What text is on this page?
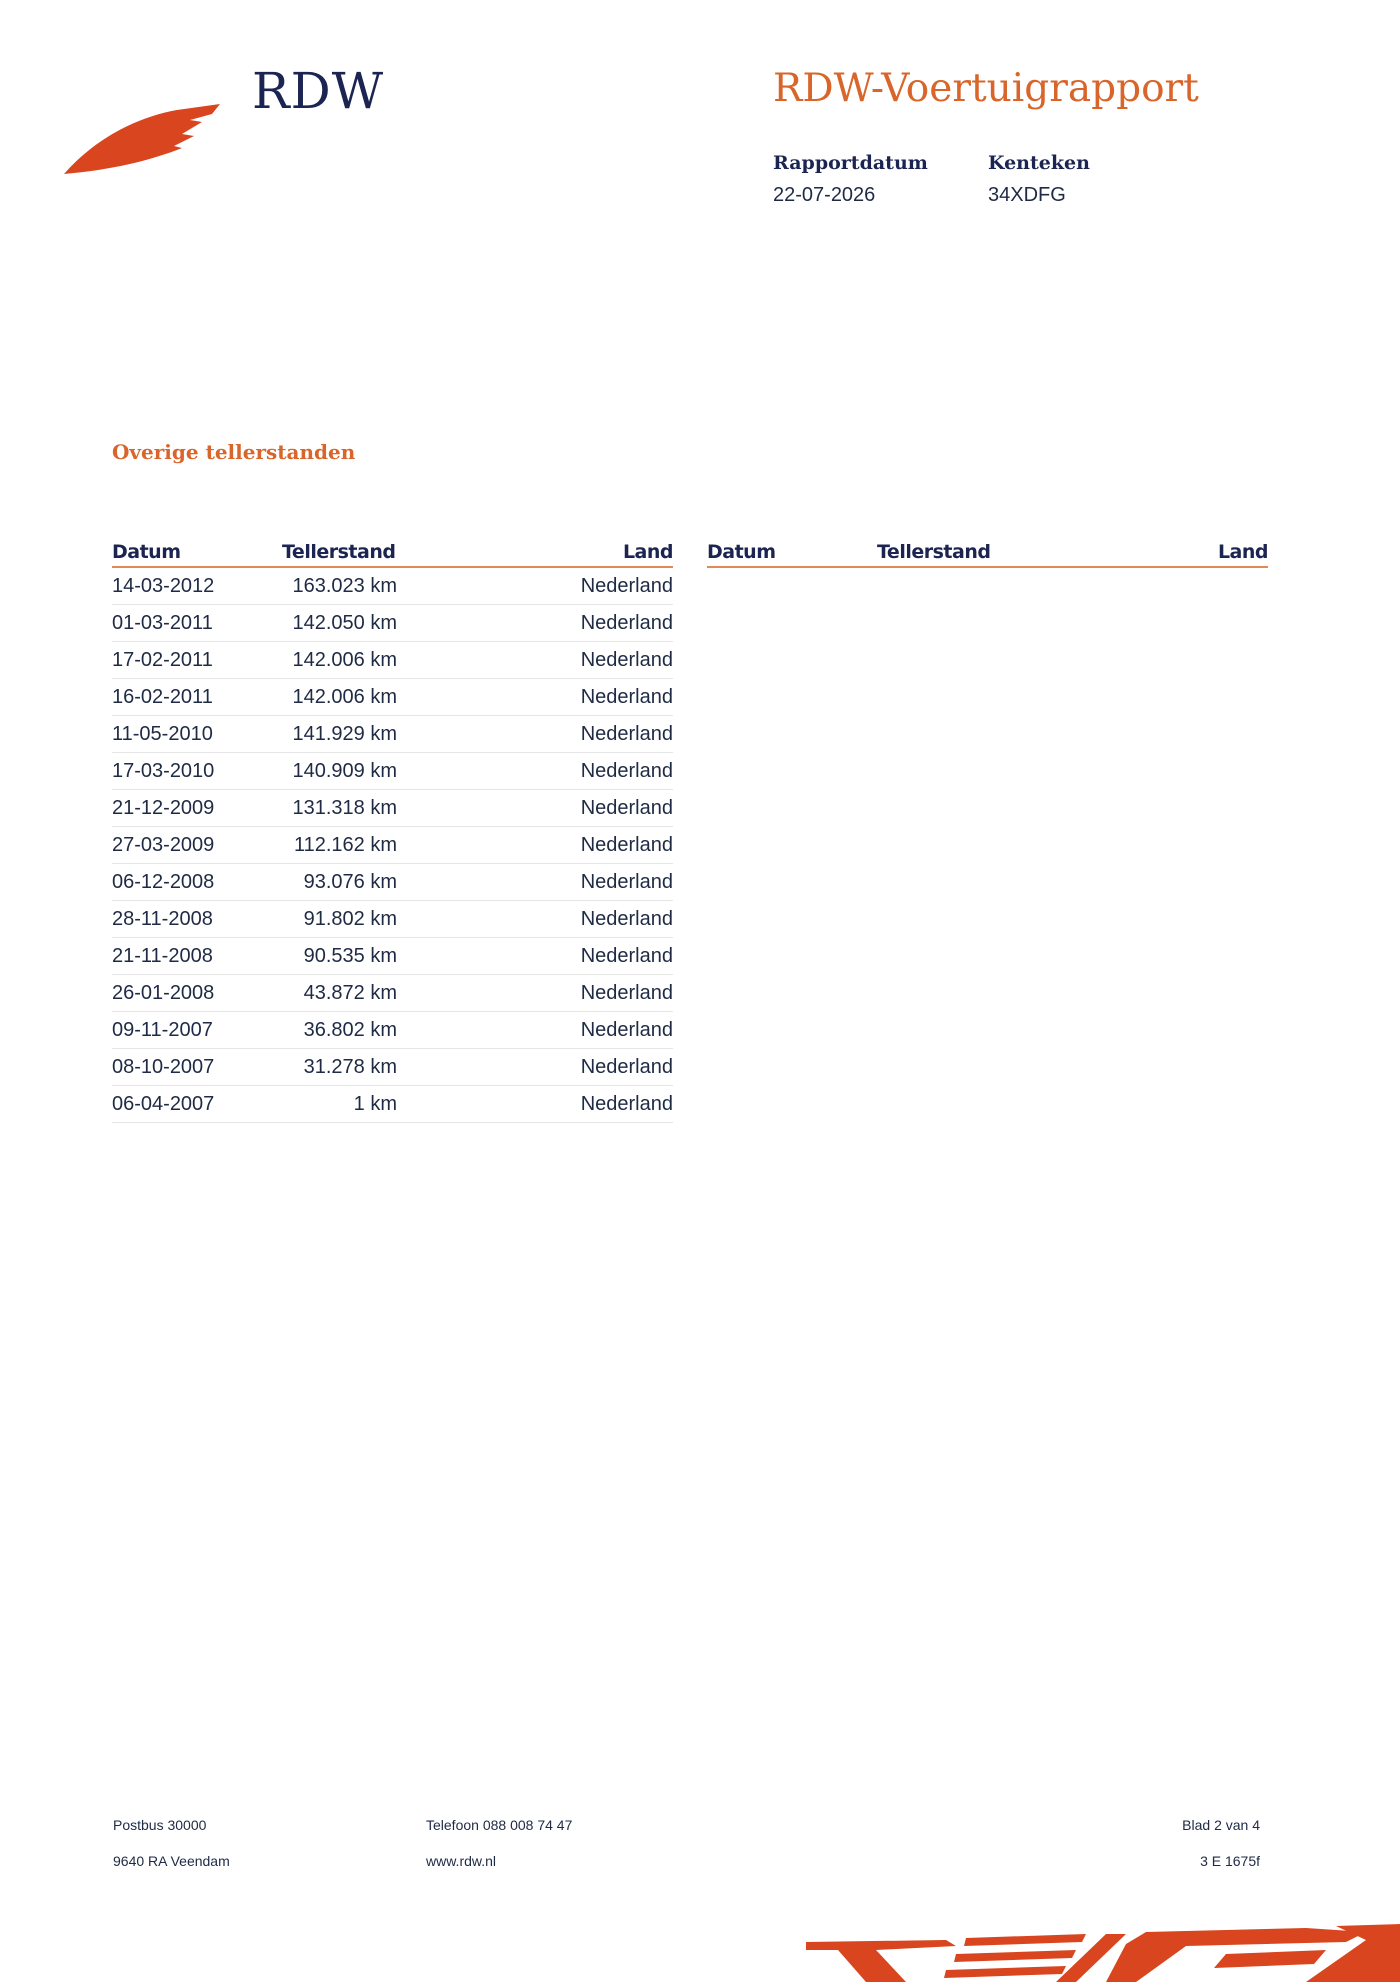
RDW	RDW-Voertuigrapport
Rapportdatum
22-07-2026
Kenteken
34XDFG
Overige tellerstanden
Datum	Tellerstand	Land
14-03-2012	163.023 km	Nederland
01-03-2011	142.050 km	Nederland
17-02-2011	142.006 km	Nederland
16-02-2011	142.006 km	Nederland
11-05-2010	141.929 km	Nederland
17-03-2010	140.909 km	Nederland
21-12-2009	131.318 km	Nederland
27-03-2009	112.162 km	Nederland
06-12-2008	93.076 km	Nederland
28-11-2008	91.802 km	Nederland
21-11-2008	90.535 km	Nederland
26-01-2008	43.872 km	Nederland
09-11-2007	36.802 km	Nederland
08-10-2007	31.278 km	Nederland
06-04-2007	1 km	Nederland
Datum	Tellerstand	Land
Postbus 30000
9640 RA Veendam
Telefoon 088 008 74 47
www.rdw.nl
Blad 2 van 4
3 E 1675f
